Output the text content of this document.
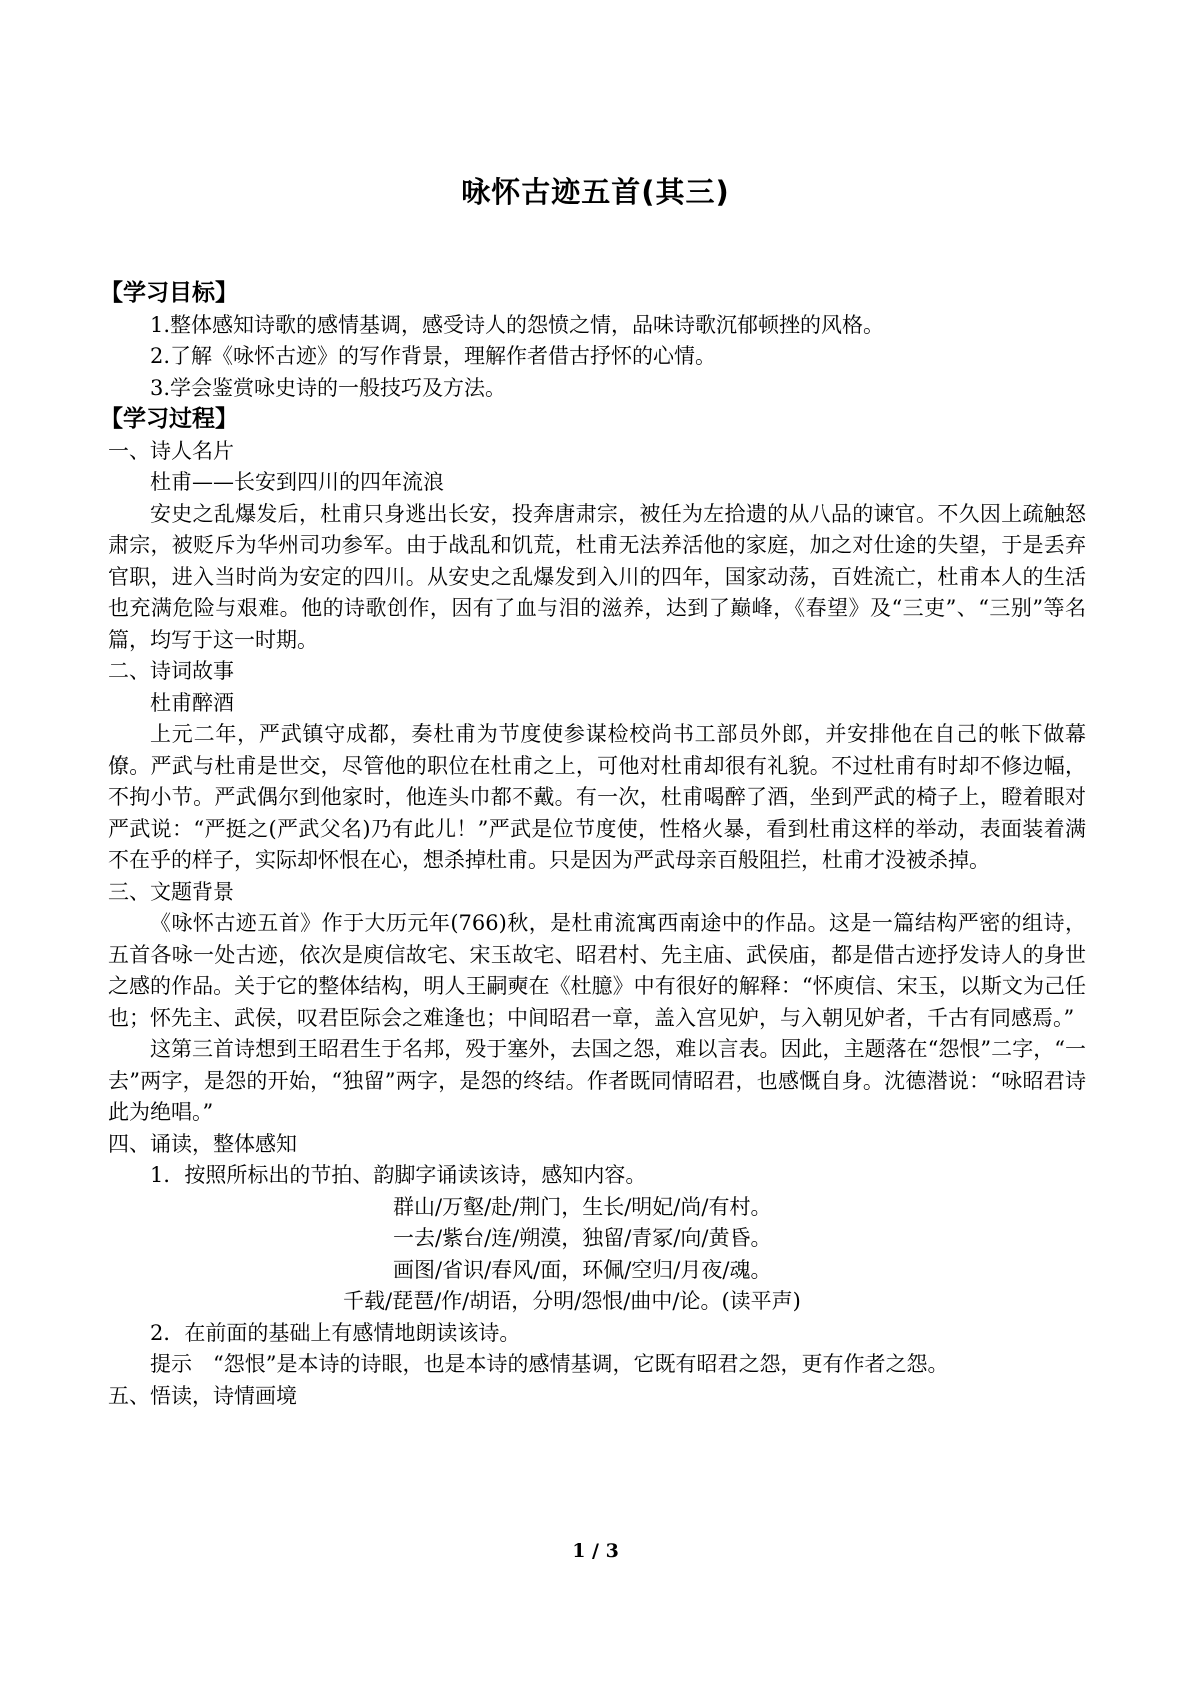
咏怀古迹五首(其三)
【学习目标】

1.整体感知诗歌的感情基调，感受诗人的怨愤之情，品味诗歌沉郁顿挫的风格。

2.了解《咏怀古迹》的写作背景，理解作者借古抒怀的心情。

3.学会鉴赏咏史诗的一般技巧及方法。

【学习过程】

一、诗人名片

杜甫——长安到四川的四年流浪

安史之乱爆发后，杜甫只身逃出长安，投奔唐肃宗，被任为左拾遗的从八品的谏官。不久因上疏触怒肃宗，被贬斥为华州司功参军。由于战乱和饥荒，杜甫无法养活他的家庭，加之对仕途的失望，于是丢弃官职，进入当时尚为安定的四川。从安史之乱爆发到入川的四年，国家动荡，百姓流亡，杜甫本人的生活也充满危险与艰难。他的诗歌创作，因有了血与泪的滋养，达到了巅峰，《春望》及“三吏”、“三别”等名篇，均写于这一时期。

二、诗词故事

杜甫醉酒

上元二年，严武镇守成都，奏杜甫为节度使参谋检校尚书工部员外郎，并安排他在自己的帐下做幕僚。严武与杜甫是世交，尽管他的职位在杜甫之上，可他对杜甫却很有礼貌。不过杜甫有时却不修边幅，不拘小节。严武偶尔到他家时，他连头巾都不戴。有一次，杜甫喝醉了酒，坐到严武的椅子上，瞪着眼对严武说：“严挺之(严武父名)乃有此儿！”严武是位节度使，性格火暴，看到杜甫这样的举动，表面装着满不在乎的样子，实际却怀恨在心，想杀掉杜甫。只是因为严武母亲百般阻拦，杜甫才没被杀掉。

三、文题背景

《咏怀古迹五首》作于大历元年(766)秋，是杜甫流寓西南途中的作品。这是一篇结构严密的组诗，五首各咏一处古迹，依次是庾信故宅、宋玉故宅、昭君村、先主庙、武侯庙，都是借古迹抒发诗人的身世之感的作品。关于它的整体结构，明人王嗣奭在《杜臆》中有很好的解释：“怀庾信、宋玉，以斯文为己任也；怀先主、武侯，叹君臣际会之难逢也；中间昭君一章，盖入宫见妒，与入朝见妒者，千古有同感焉。”

这第三首诗想到王昭君生于名邦，殁于塞外，去国之怨，难以言表。因此，主题落在“怨恨”二字，“一去”两字，是怨的开始，“独留”两字，是怨的终结。作者既同情昭君，也感慨自身。沈德潜说：“咏昭君诗此为绝唱。”

四、诵读，整体感知

1．按照所标出的节拍、韵脚字诵读该诗，感知内容。

群山/万壑/赴/荆门，生长/明妃/尚/有村。

一去/紫台/连/朔漠，独留/青冢/向/黄昏。

画图/省识/春风/面，环佩/空归/月夜/魂。

千载/琵琶/作/胡语，分明/怨恨/曲中/论。(读平声)

2．在前面的基础上有感情地朗读该诗。

提示　“怨恨”是本诗的诗眼，也是本诗的感情基调，它既有昭君之怨，更有作者之怨。

五、悟读，诗情画境

1 / 3
